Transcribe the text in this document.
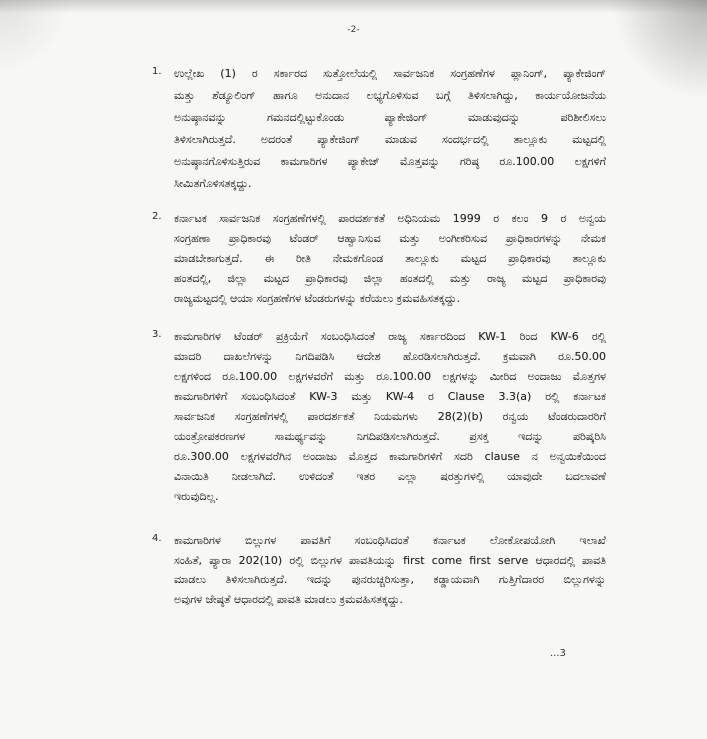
-2-
1.	ಉಲ್ಲೇಖ (1) ರ ಸರ್ಕಾರದ ಸುತ್ತೋಲೆಯಲ್ಲಿ ಸಾರ್ವಜನಿಕ ಸಂಗ್ರಹಣೆಗಳ ಪ್ಲಾನಿಂಗ್, ಪ್ಯಾಕೇಜಿಂಗ್
ಮತ್ತು ಶೆಡ್ಯೂಲಿಂಗ್ ಹಾಗೂ ಅನುದಾನ ಲಭ್ಯಗೊಳಿಸುವ ಬಗ್ಗೆ ತಿಳಿಸಲಾಗಿದ್ದು, ಕಾರ್ಯಯೋಜನೆಯ
ಅನುಷ್ಠಾನವನ್ನು ಗಮನದಲ್ಲಿಟ್ಟುಕೊಂಡು ಪ್ಯಾಕೇಜಿಂಗ್ ಮಾಡುವುದನ್ನು ಪರಿಶೀಲಿಸಲು
ತಿಳಿಸಲಾಗಿರುತ್ತದೆ. ಅದರಂತೆ ಪ್ಯಾಕೇಜಿಂಗ್ ಮಾಡುವ ಸಂದರ್ಭದಲ್ಲಿ ತಾಲ್ಲೂಕು ಮಟ್ಟದಲ್ಲಿ
ಅನುಷ್ಠಾನಗೊಳಿಸುತ್ತಿರುವ ಕಾಮಗಾರಿಗಳ ಪ್ಯಾಕೇಜ್ ಮೊತ್ತವನ್ನು ಗರಿಷ್ಠ ರೂ.100.00 ಲಕ್ಷಗಳಿಗೆ
ಸೀಮಿತಗೊಳಿಸತಕ್ಕದ್ದು.
2.	ಕರ್ನಾಟಕ ಸಾರ್ವಜನಿಕ ಸಂಗ್ರಹಣೆಗಳಲ್ಲಿ ಪಾರದರ್ಶಕತೆ ಅಧಿನಿಯಮ 1999 ರ ಕಲಂ 9 ರ ಅನ್ವಯ
ಸಂಗ್ರಹಣಾ ಪ್ರಾಧಿಕಾರವು ಟೆಂಡರ್ ಆಹ್ವಾನಿಸುವ ಮತ್ತು ಅಂಗೀಕರಿಸುವ ಪ್ರಾಧಿಕಾರಗಳನ್ನು ನೇಮಕ
ಮಾಡಬೇಕಾಗುತ್ತದೆ. ಈ ರೀತಿ ನೇಮಕಗೊಂಡ ತಾಲ್ಲೂಕು ಮಟ್ಟದ ಪ್ರಾಧಿಕಾರವು ತಾಲ್ಲೂಕು
ಹಂತದಲ್ಲಿ, ಜಿಲ್ಲಾ ಮಟ್ಟದ ಪ್ರಾಧಿಕಾರವು ಜಿಲ್ಲಾ ಹಂತದಲ್ಲಿ ಮತ್ತು ರಾಜ್ಯ ಮಟ್ಟದ ಪ್ರಾಧಿಕಾರವು
ರಾಜ್ಯಮಟ್ಟದಲ್ಲಿ ಆಯಾ ಸಂಗ್ರಹಣೆಗಳ ಟೆಂಡರುಗಳನ್ನು ಕರೆಯಲು ಕ್ರಮವಹಿಸತಕ್ಕದ್ದು.
3.	ಕಾಮಗಾರಿಗಳ ಟೆಂಡರ್ ಪ್ರಕ್ರಿಯೆಗೆ ಸಂಬಂಧಿಸಿದಂತೆ ರಾಜ್ಯ ಸರ್ಕಾರದಿಂದ KW-1 ರಿಂದ KW-6 ರಲ್ಲಿ
ಮಾದರಿ ದಾಖಲೆಗಳನ್ನು ನಿಗದಿಪಡಿಸಿ ಆದೇಶ ಹೊರಡಿಸಲಾಗಿರುತ್ತದೆ. ಕ್ರಮವಾಗಿ ರೂ.50.00
ಲಕ್ಷಗಳಿಂದ ರೂ.100.00 ಲಕ್ಷಗಳವರೆಗೆ ಮತ್ತು ರೂ.100.00 ಲಕ್ಷಗಳನ್ನು ಮೀರಿದ ಅಂದಾಜು ಮೊತ್ತಗಳ
ಕಾಮಗಾರಿಗಳಿಗೆ ಸಂಬಂಧಿಸಿದಂತೆ KW-3 ಮತ್ತು KW-4 ರ Clause 3.3(a) ರಲ್ಲಿ ಕರ್ನಾಟಕ
ಸಾರ್ವಜನಿಕ ಸಂಗ್ರಹಣೆಗಳಲ್ಲಿ ಪಾರದರ್ಶಕತೆ ನಿಯಮಗಳು 28(2)(b) ರನ್ವಯ ಟೆಂಡರುದಾರರಿಗೆ
ಯಂತ್ರೋಪಕರಣಗಳ ಸಾಮರ್ಥ್ಯವನ್ನು ನಿಗದಿಪಡಿಸಲಾಗಿರುತ್ತದೆ. ಪ್ರಸಕ್ತ ಇದನ್ನು ಪರಿಷ್ಕರಿಸಿ
ರೂ.300.00 ಲಕ್ಷಗಳವರೆಗಿನ ಅಂದಾಜು ಮೊತ್ತದ ಕಾಮಗಾರಿಗಳಿಗೆ ಸದರಿ clause ನ ಅನ್ವಯಿಕೆಯಿಂದ
ವಿನಾಯಿತಿ ನೀಡಲಾಗಿದೆ. ಉಳಿದಂತೆ ಇತರ ಎಲ್ಲಾ ಷರತ್ತುಗಳಲ್ಲಿ ಯಾವುದೇ ಬದಲಾವಣೆ
ಇರುವುದಿಲ್ಲ.
4.	ಕಾಮಗಾರಿಗಳ ಬಿಲ್ಲುಗಳ ಪಾವತಿಗೆ ಸಂಬಂಧಿಸಿದಂತೆ ಕರ್ನಾಟಕ ಲೋಕೋಪಯೋಗಿ ಇಲಾಖೆ
ಸಂಹಿತೆ, ಪ್ಯಾರಾ 202(10) ರಲ್ಲಿ ಬಿಲ್ಲುಗಳ ಪಾವತಿಯನ್ನು first come first serve ಆಧಾರದಲ್ಲಿ ಪಾವತಿ
ಮಾಡಲು ತಿಳಿಸಲಾಗಿರುತ್ತದೆ. ಇದನ್ನು ಪುನರುಚ್ಚರಿಸುತ್ತಾ, ಕಡ್ಡಾಯವಾಗಿ ಗುತ್ತಿಗೆದಾರರ ಬಿಲ್ಲುಗಳನ್ನು
ಅವುಗಳ ಜೇಷ್ಠತೆ ಆಧಾರದಲ್ಲಿ ಪಾವತಿ ಮಾಡಲು ಕ್ರಮವಹಿಸತಕ್ಕದ್ದು.
...3
